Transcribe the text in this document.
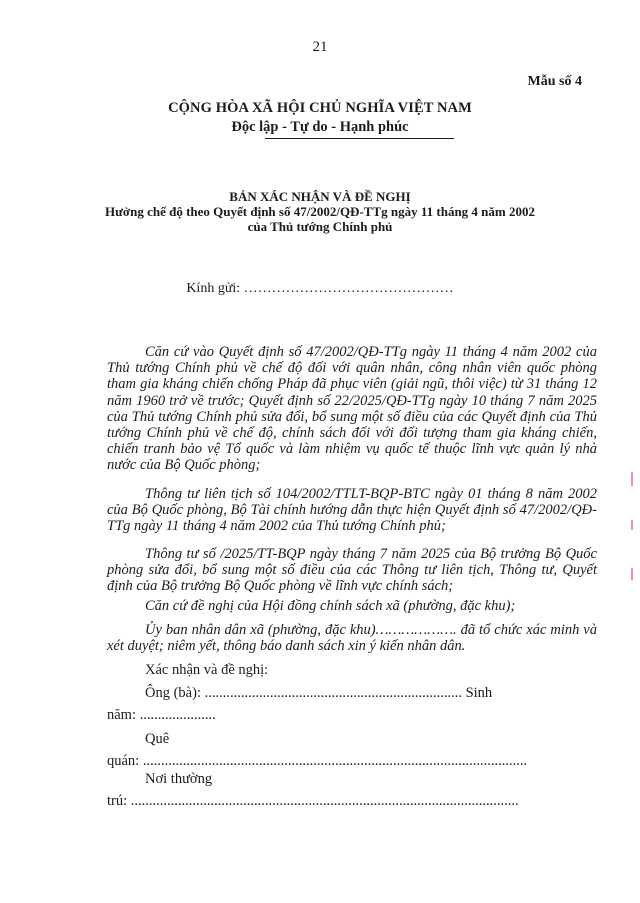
21
Mẫu số 4
CỘNG HÒA XÃ HỘI CHỦ NGHĨA VIỆT NAM
Độc lập - Tự do - Hạnh phúc
BẢN XÁC NHẬN VÀ ĐỀ NGHỊ
Hưởng chế độ theo Quyết định số 47/2002/QĐ-TTg ngày 11 tháng 4 năm 2002
của Thủ tướng Chính phủ
Kính gửi: ………………………………………
Căn cứ vào Quyết định số 47/2002/QĐ-TTg ngày 11 tháng 4 năm 2002 của Thủ tướng Chính phủ về chế độ đối với quân nhân, công nhân viên quốc phòng tham gia kháng chiến chống Pháp đã phục viên (giải ngũ, thôi việc) từ 31 tháng 12 năm 1960 trở về trước; Quyết định số 22/2025/QĐ-TTg ngày 10 tháng 7 năm 2025 của Thủ tướng Chính phủ sửa đổi, bổ sung một số điều của các Quyết định của Thủ tướng Chính phủ về chế độ, chính sách đối với đối tượng tham gia kháng chiến, chiến tranh bảo vệ Tổ quốc và làm nhiệm vụ quốc tế thuộc lĩnh vực quản lý nhà nước của Bộ Quốc phòng;
Thông tư liên tịch số 104/2002/TTLT-BQP-BTC ngày 01 tháng 8 năm 2002 của Bộ Quốc phòng, Bộ Tài chính hướng dẫn thực hiện Quyết định số 47/2002/QĐ-TTg ngày 11 tháng 4 năm 2002 của Thủ tướng Chính phủ;
Thông tư số /2025/TT-BQP ngày tháng 7 năm 2025 của Bộ trưởng Bộ Quốc phòng sửa đổi, bổ sung một số điều của các Thông tư liên tịch, Thông tư, Quyết định của Bộ trưởng Bộ Quốc phòng về lĩnh vực chính sách;
Căn cứ đề nghị của Hội đồng chính sách xã (phường, đặc khu);
Ủy ban nhân dân xã (phường, đặc khu)………………. đã tổ chức xác minh và xét duyệt; niêm yết, thông báo danh sách xin ý kiến nhân dân.
Xác nhận và đề nghị:
Ông (bà): ....................................................................... Sinh
năm: .....................
Quê
quán: ..........................................................................................................
Nơi thường
trú: ...........................................................................................................
